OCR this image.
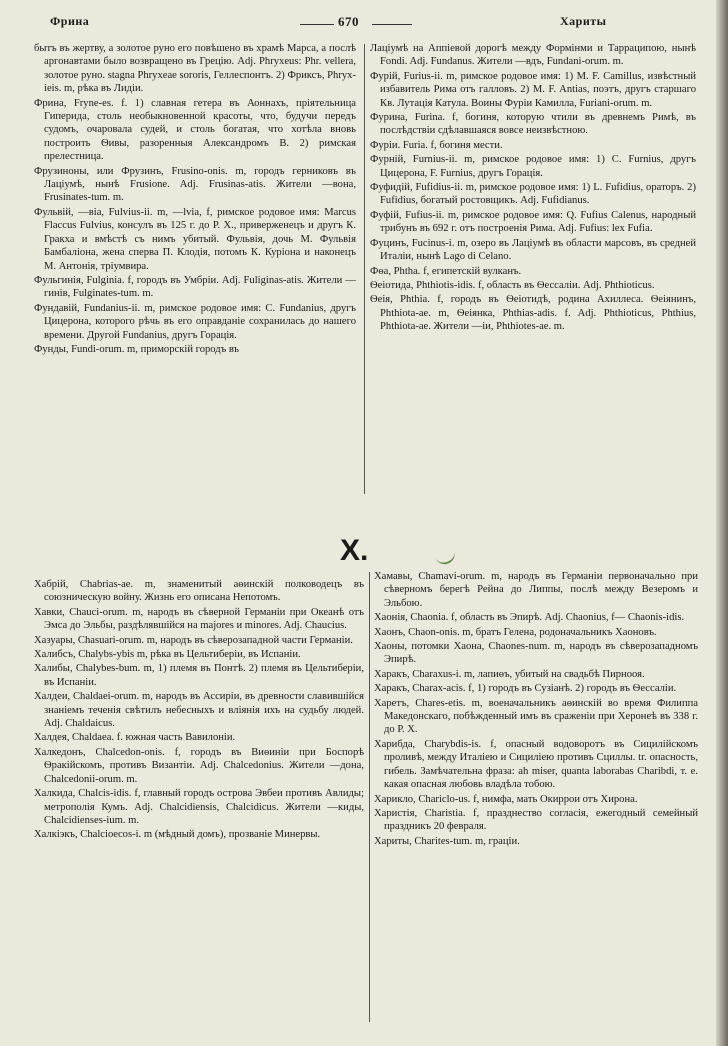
Фрина	670	Хариты

бытъ въ жертву, а золотое руно его повѣшено въ храмѣ Марса, а послѣ аргонавтами было возвращено въ Грецію. Adj. Phryxeus: Phr. vellera, золотое руно. stagna Phryxeae sororis, Геллеспонтъ. 2) Фриксъ, Phryx-ieis. m, рѣка въ Лидіи.

Фрина, Fryne-es. f. 1) славная гетера въ Аоннахъ, пріятельница Гиперида, столь необыкновенной красоты, что, будучи передъ судомъ, очаровала судей, и столь богатая, что хотѣла вновь построить Ѳивы, разоренныя Александромъ В. 2) римская прелестница.

Фрузиноны, или Фрузинъ, Frusino-onis. m, городъ герниковъ въ Лаціумѣ, нынѣ Frusione. Adj. Frusinas-atis. Жители —вона, Frusinates-tum. m.

Фульвій, —віа, Fulvius-ii. m, —lvia, f, римское родовое имя: Marcus Flaccus Fulvius, консулъ въ 125 г. до Р. Х., приверженецъ и другъ К. Гракха и вмѣстѣ съ нимъ убитый. Фульвія, дочь М. Фульвія Бамбаліона, жена сперва П. Клодія, потомъ К. Куріона и наконецъ М. Антонія, тріумвира.

Фульгинія, Fulginia. f, городъ въ Умбріи. Adj. Fuliginas-atis. Жители —гинів, Fulginates-tum. m.

Фундавій, Fundanius-ii. m, римское родовое имя: С. Fundanius, другъ Цицерона, которого рѣчь въ его оправданіе сохранилась до нашего времени. Другой Fundanius, другъ Горація.

Фунды, Fundi-orum. m, приморскій городъ въ

Лаціумѣ на Аппіевой дорогѣ между Формінми и Тарраципою, нынѣ Fondi. Adj. Fundanus. Жители —вдъ, Fundani-orum. m.

Фурій, Furius-ii. m, римское родовое имя: 1) М. F. Camillus, извѣстный избавитель Рима отъ галловъ. 2) М. F. Antias, поэтъ, другъ старшаго Кв. Лутація Катула. Воины Фуріи Камилла, Furiani-orum. m.

Фурина, Furina. f, богиня, которую чтили въ древнемъ Римѣ, въ послѣдствіи сдѣлавшаяся вовсе неизвѣстною.

Фуріи. Furia. f, богиня мести.

Фурній, Furnius-ii. m, римское родовое имя: 1) С. Furnius, другъ Цицерона, F. Furnius, другъ Горація.

Фуфидій, Fufidius-ii. m, римское родовое имя: 1) L. Fufidius, ораторъ. 2) Fufidius, богатый ростовщикъ. Adj. Fufidianus.

Фуфій, Fufius-ii. m, римское родовое имя: Q. Fufius Calenus, народный трибунъ въ 692 г. отъ построенія Рима. Adj. Fufius: lex Fufia.

Фуцинъ, Fucinus-i. m, озеро въ Лаціумѣ въ области марсовъ, въ средней Италіи, нынѣ Lago di Celano.

Фѳа, Phtha. f, египетскій вулканъ.

Ѳеіотида, Phthiotis-idis. f, область въ Ѳессаліи. Adj. Phthioticus.

Ѳеія, Phthia. f, городъ въ Ѳеіотидѣ, родина Ахиллеса. Ѳеіянинъ, Phthiota-ae. m, Ѳеіянка, Phthias-adis. f. Adj. Phthioticus, Phthius, Phthiota-ae. Жители —іи, Phthiotes-ae. m.

Х.

Хабрій, Chabrias-ae. m, знаменитый аѳинскій полководецъ въ союзническую войну. Жизнь его описана Непотомъ.

Хавки, Chauci-orum. m, народъ въ сѣверной Германіи при Океанѣ отъ Эмса до Эльбы, раздѣлявшійся на majores и minores. Adj. Chaucius.

Хазуары, Chasuari-orum. m, народъ въ сѣверозападной части Германіи.

Халибсъ, Chalybs-ybis m, рѣка въ Цельтиберіи, въ Испаніи.

Халибы, Chalybes-bum. m, 1) племя въ Понтѣ. 2) племя въ Цельтиберіи, въ Испаніи.

Халдеи, Chaldaei-orum. m, народъ въ Ассиріи, въ древности славившійся знаніемъ теченія свѣтилъ небесныхъ и вліянія ихъ на судьбу людей. Adj. Chaldaicus.

Халдея, Chaldaea. f. южная часть Вавилоніи.

Халкедонъ, Chalcedon-onis. f, городъ въ Виѳиніи при Боспорѣ Ѳракійскомъ, противъ Византіи. Adj. Chalcedonius. Жители —дона, Chalcedonii-orum. m.

Халкида, Chalcis-idis. f, главный городъ острова Эвбеи противъ Авлиды; метрополія Кумъ. Adj. Chalcidiensis, Chalcidicus. Жители —киды, Chalcidienses-ium. m.

Халкіэкъ, Chalcioecos-i. m (мѣдный домъ), прозваніе Минервы.

Хамавы, Chamavi-orum. m, народъ въ Германіи первоначально при сѣверномъ берегѣ Рейна до Липпы, послѣ между Везеромъ и Эльбою.

Хаонія, Chaonia. f, область въ Эпирѣ. Adj. Chaonius, f— Chaonis-idis.

Хаонъ, Chaon-onis. m, братъ Гелена, родоначальникъ Хаоновъ.

Хаоны, потомки Хаона, Chaones-num. m, народъ въ сѣверозападномъ Эпирѣ.

Харакъ, Charaxus-i. m, лапиѳъ, убитый на свадьбѣ Пирнооя.

Харакъ, Charax-acis. f, 1) городъ въ Сузіанѣ. 2) городъ въ Ѳессаліи.

Харетъ, Chares-etis. m, военачальникъ аѳинскій во время Филиппа Македонскаго, побѣжденный имъ въ сраженіи при Херонеѣ въ 338 г. до Р. Х.

Харибда, Charybdis-is. f, опасный водоворотъ въ Сицилійскомъ проливѣ, между Италіею и Сициліею противъ Сциллы. tr. опасность, гибель. Замѣчательна фраза: ah miser, quanta laborabas Charibdi, т. е. какая опасная любовь владѣла тобою.

Харикло, Chariclo-us. f, нимфа, мать Окиррои отъ Хирона.

Харистія, Charistia. f, празднество согласія, ежегодный семейный праздникъ 20 февраля.

Хариты, Charites-tum. m, граціи.
